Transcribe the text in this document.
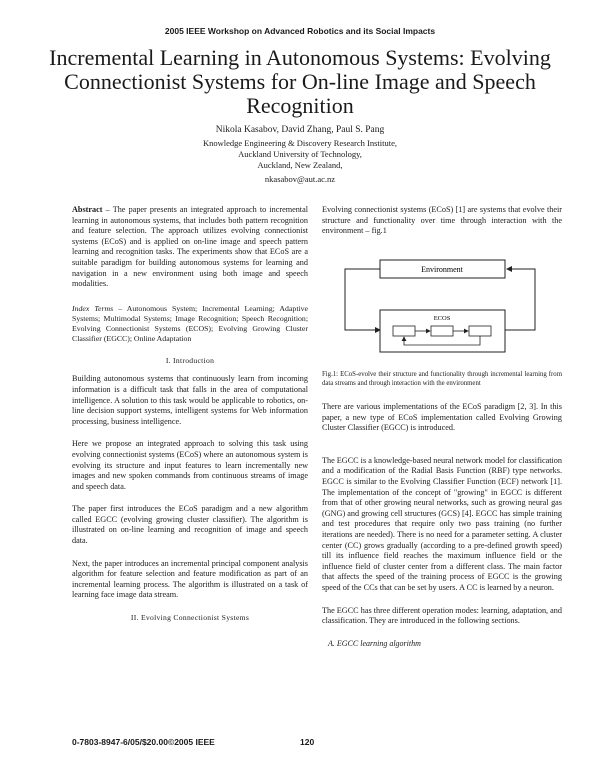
2005 IEEE Workshop on Advanced Robotics and its Social Impacts
Incremental Learning in Autonomous Systems: Evolving Connectionist Systems for On-line Image and Speech Recognition
Nikola Kasabov, David Zhang, Paul S. Pang
Knowledge Engineering & Discovery Research Institute,
Auckland University of Technology,
Auckland, New Zealand,
nkasabov@aut.ac.nz

Abstract – The paper presents an integrated approach to incremental learning in autonomous systems, that includes both pattern recognition and feature selection. The approach utilizes evolving connectionist systems (ECoS) and is applied on on-line image and speech pattern learning and recognition tasks. The experiments show that ECoS are a suitable paradigm for building autonomous systems for learning and navigation in a new environment using both image and speech modalities.

Index Terms – Autonomous System; Incremental Learning; Adaptive Systems; Multimodal Systems; Image Recognition; Speech Recognition; Evolving Connectionist Systems (ECOS); Evolving Growing Cluster Classifier (EGCC); Online Adaptation

I. Introduction

Building autonomous systems that continuously learn from incoming information is a difficult task that falls in the area of computational intelligence. A solution to this task would be applicable to robotics, on-line decision support systems, intelligent systems for Web information processing, business intelligence.

Here we propose an integrated approach to solving this task using evolving connectionist systems (ECoS) where an autonomous system is evolving its structure and input features to learn incrementally new images and new spoken commands from continuous streams of image and speech data.

The paper first introduces the ECoS paradigm and a new algorithm called EGCC (evolving growing cluster classifier). The algorithm is illustrated on on-line learning and recognition of image and speech data.

Next, the paper introduces an incremental principal component analysis algorithm for feature selection and feature modification as part of an incremental learning process. The algorithm is illustrated on a task of learning face image data stream.

II. Evolving Connectionist Systems

Evolving connectionist systems (ECoS) [1] are systems that evolve their structure and functionality over time through interaction with the environment – fig.1

Environment
ECOS
Fig.1: ECoS-evolve their structure and functionality through incremental learning from data streams and through interaction with the environment

There are various implementations of the ECoS paradigm [2, 3]. In this paper, a new type of ECoS implementation called Evolving Growing Cluster Classifier (EGCC) is introduced.

The EGCC is a knowledge-based neural network model for classification and a modification of the Radial Basis Function (RBF) type networks. EGCC is similar to the Evolving Classifier Function (ECF) network [1]. The implementation of the concept of "growing" in EGCC is different from that of other growing neural networks, such as growing neural gas (GNG) and growing cell structures (GCS) [4]. EGCC has simple training and test procedures that require only two pass training (no further iterations are needed). There is no need for a parameter setting. A cluster center (CC) grows gradually (according to a pre-defined growth speed) till its influence field reaches the maximum influence field or the influence field of cluster center from a different class. The main factor that affects the speed of the training process of EGCC is the growing speed of the CCs that can be set by users. A CC is learned by a neuron.

The EGCC has three different operation modes: learning, adaptation, and classification. They are introduced in the following sections.

A. EGCC learning algorithm

0-7803-8947-6/05/$20.00©2005 IEEE	120
